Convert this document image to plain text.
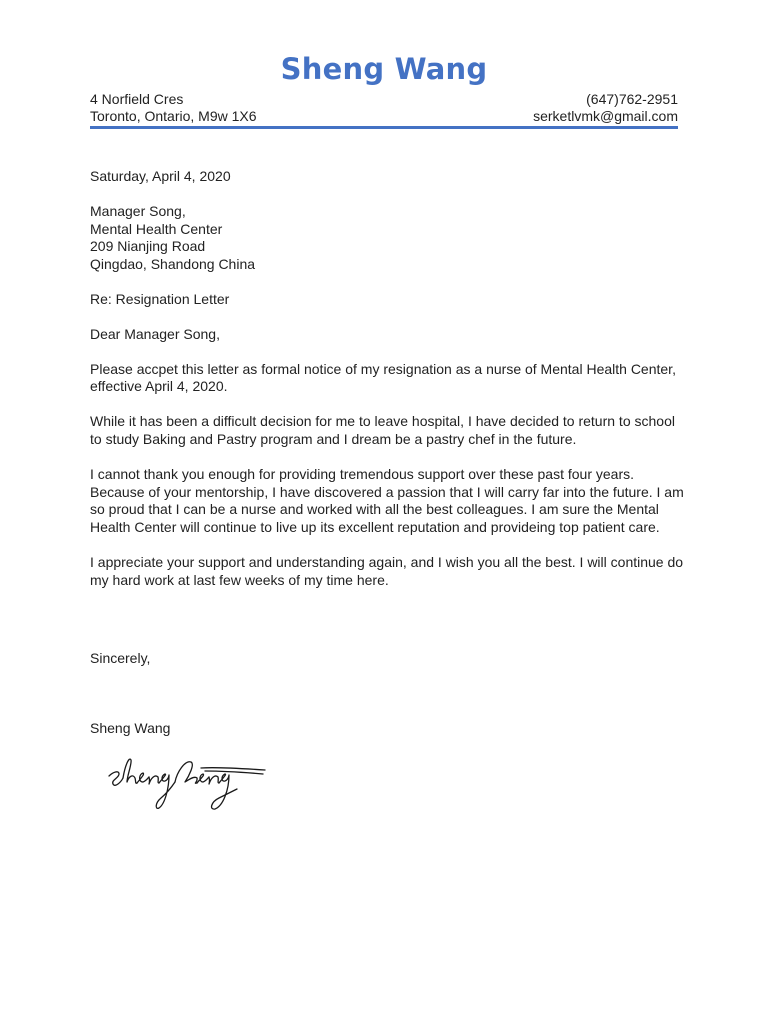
Sheng Wang
4 Norfield Cres	(647)762-2951
Toronto, Ontario, M9w 1X6	serketlvmk@gmail.com

Saturday, April 4, 2020

Manager Song,

Mental Health Center

209 Nianjing Road

Qingdao, Shandong China

Re: Resignation Letter

Dear Manager Song,

Please accpet this letter as formal notice of my resignation as a nurse of Mental Health Center, effective April 4, 2020.

While it has been a difficult decision for me to leave hospital, I have decided to return to school to study Baking and Pastry program and I dream be a pastry chef in the future.

I cannot thank you enough for providing tremendous support over these past four years. Because of your mentorship, I have discovered a passion that I will carry far into the future. I am so proud that I can be a nurse and worked with all the best colleagues. I am sure the Mental Health Center will continue to live up its excellent reputation and provideing top patient care.

I appreciate your support and understanding again, and I wish you all the best. I will continue do my hard work at last few weeks of my time here.

Sincerely,
Sheng Wang
